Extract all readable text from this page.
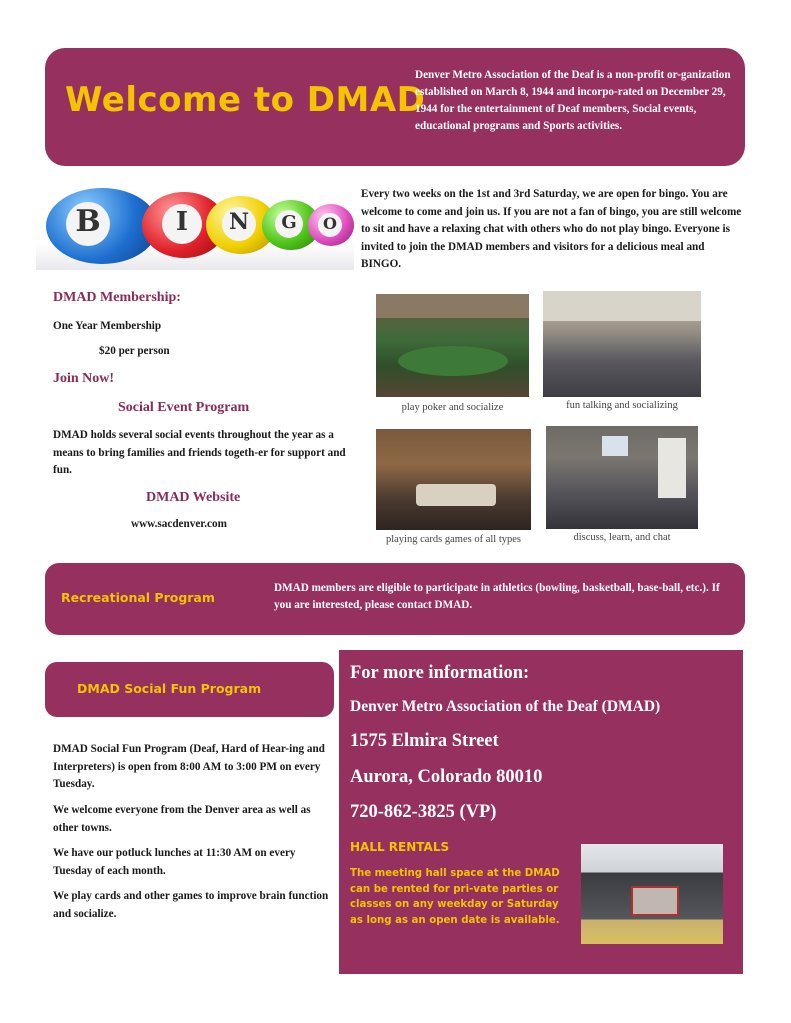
Welcome to DMAD
Denver Metro Association of the Deaf is a non-profit or-ganization established on March 8, 1944 and incorpo-rated on December 29, 1944 for the entertainment of Deaf members, Social events, educational programs and Sports activities.
B	I	N	G	O
Every two weeks on the 1st and 3rd Saturday, we are open for bingo. You are welcome to come and join us. If you are not a fan of bingo, you are still welcome to sit and have a relaxing chat with others who do not play bingo. Everyone is invited to join the DMAD members and visitors for a delicious meal and BINGO.
DMAD Membership:
One Year Membership
$20 per person
Join Now!
Social Event Program
DMAD holds several social events throughout the year as a means to bring families and friends togeth-er for support and fun.
DMAD Website
www.sacdenver.com
play poker and socialize	fun talking and socializing
playing cards games of all types	discuss, learn, and chat
Recreational Program
DMAD members are eligible to participate in athletics (bowling, basketball, base-ball, etc.). If you are interested, please contact DMAD.
DMAD Social Fun Program
DMAD Social Fun Program (Deaf, Hard of Hear-ing and Interpreters) is open from 8:00 AM to 3:00 PM on every Tuesday.
We welcome everyone from the Denver area as well as other towns.
We have our potluck lunches at 11:30 AM on every Tuesday of each month.
We play cards and other games to improve brain function and socialize.
For more information:
Denver Metro Association of the Deaf (DMAD)
1575 Elmira Street
Aurora, Colorado 80010
720-862-3825 (VP)
HALL RENTALS
The meeting hall space at the DMAD can be rented for pri-vate parties or classes on any weekday or Saturday as long as an open date is available.
